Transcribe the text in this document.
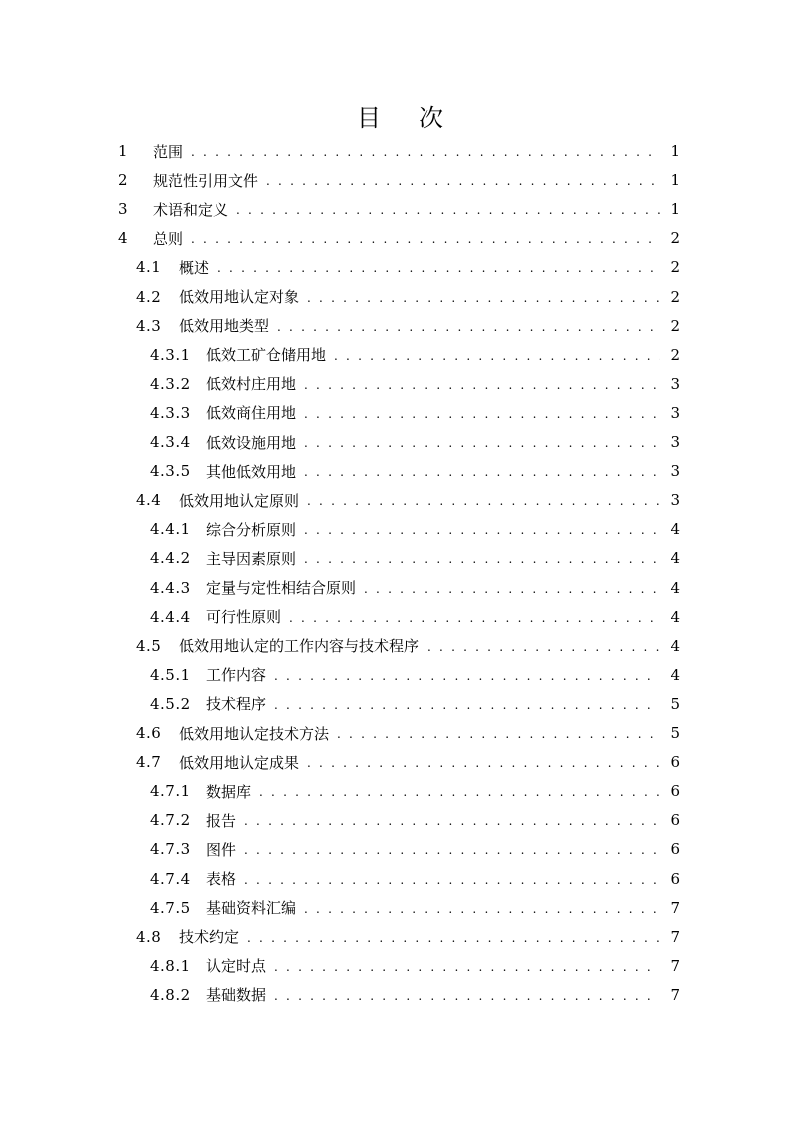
目 次
1	范围 . . .	1
2	规范性引用文件 . . .	1
3	术语和定义 . . .	1
4	总则 . . .	2
4.1	概述 . . .	2
4.2	低效用地认定对象 . . .	2
4.3	低效用地类型 . . .	2
4.3.1	低效工矿仓储用地 . . .	2
4.3.2	低效村庄用地 . . .	3
4.3.3	低效商住用地 . . .	3
4.3.4	低效设施用地 . . .	3
4.3.5	其他低效用地 . . .	3
4.4	低效用地认定原则 . . .	3
4.4.1	综合分析原则 . . .	4
4.4.2	主导因素原则 . . .	4
4.4.3	定量与定性相结合原则 . . .	4
4.4.4	可行性原则 . . .	4
4.5	低效用地认定的工作内容与技术程序 . . .	4
4.5.1	工作内容 . . .	4
4.5.2	技术程序 . . .	5
4.6	低效用地认定技术方法 . . .	5
4.7	低效用地认定成果 . . .	6
4.7.1	数据库 . . .	6
4.7.2	报告 . . .	6
4.7.3	图件 . . .	6
4.7.4	表格 . . .	6
4.7.5	基础资料汇编 . . .	7
4.8	技术约定 . . .	7
4.8.1	认定时点 . . .	7
4.8.2	基础数据 . . .	7
